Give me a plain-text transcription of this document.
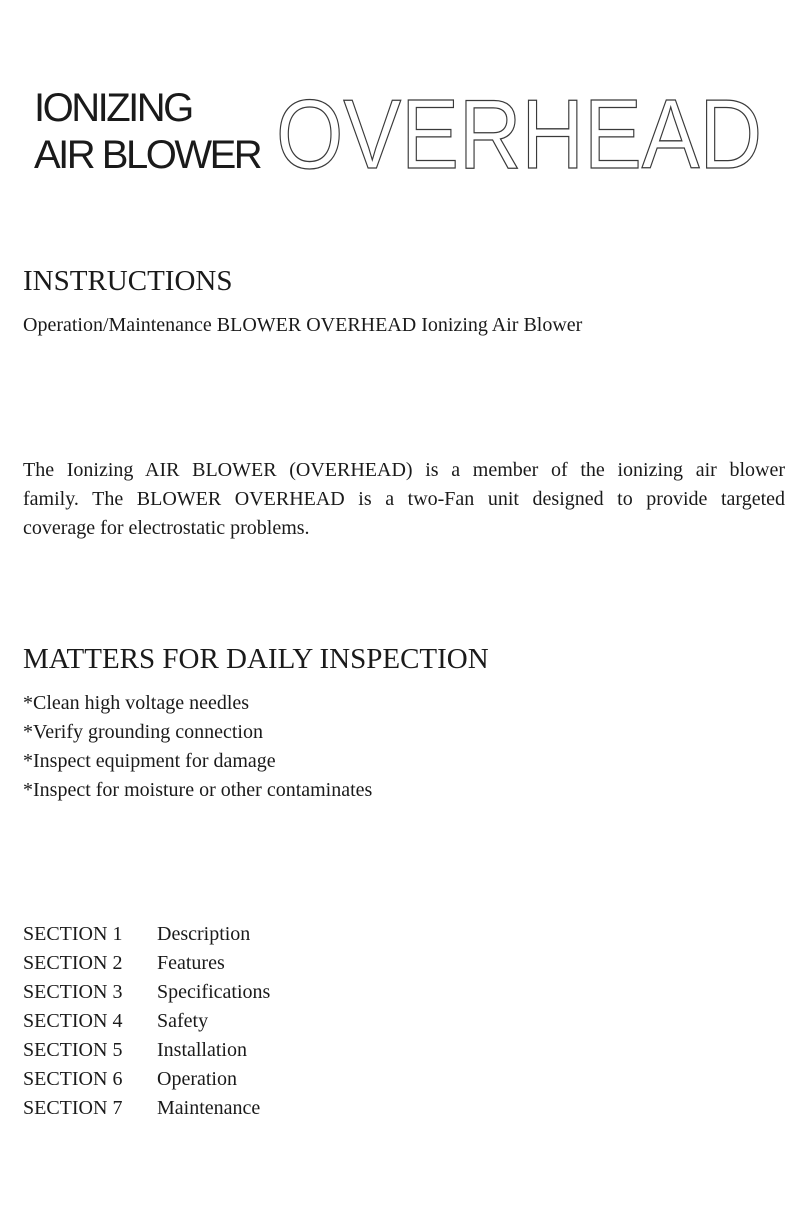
IONIZING
AIR BLOWER OVERHEAD
INSTRUCTIONS

Operation/Maintenance BLOWER OVERHEAD Ionizing Air Blower

The Ionizing AIR BLOWER (OVERHEAD) is a member of the ionizing air blower
family. The BLOWER OVERHEAD is a two-Fan unit designed to provide targeted
coverage for electrostatic problems.
MATTERS FOR DAILY INSPECTION
*Clean high voltage needles
*Verify grounding connection
*Inspect equipment for damage
*Inspect for moisture or other contaminates
SECTION 1 Description
SECTION 2 Features
SECTION 3 Specifications
SECTION 4 Safety
SECTION 5 Installation
SECTION 6 Operation
SECTION 7 Maintenance
